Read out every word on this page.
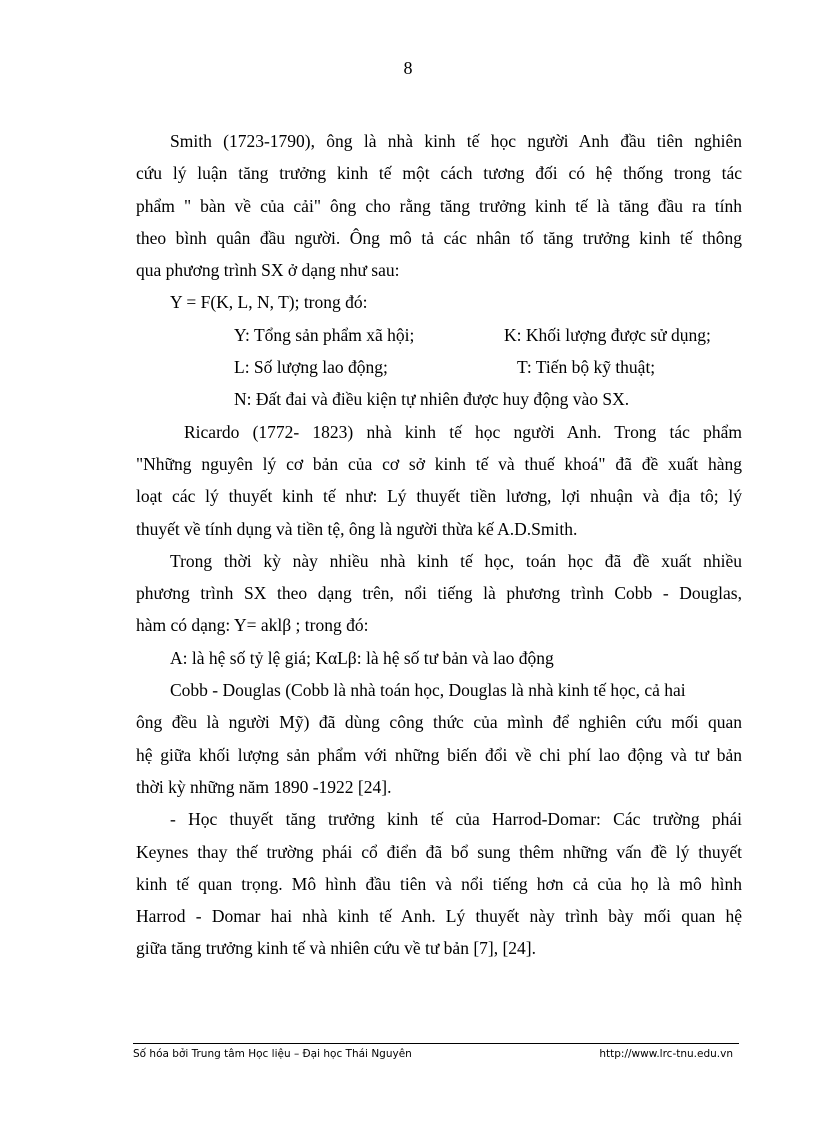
8
Smith (1723-1790), ông là nhà kinh tế học người Anh đầu tiên nghiên
cứu lý luận tăng trưởng kinh tế một cách tương đối có hệ thống trong tác
phẩm " bàn về của cải" ông cho rằng tăng trưởng kinh tế là tăng đầu ra tính
theo bình quân đầu người. Ông mô tả các nhân tố tăng trưởng kinh tế thông
qua phương trình SX ở dạng như sau:
Y = F(K, L, N, T); trong đó:
Y: Tổng sản phẩm xã hội;	K: Khối lượng được sử dụng;
L: Số lượng lao động;	T: Tiến bộ kỹ thuật;
N: Đất đai và điều kiện tự nhiên được huy động vào SX.
Ricardo (1772- 1823) nhà kinh tế học người Anh. Trong tác phẩm
"Những nguyên lý cơ bản của cơ sở kinh tế và thuế khoá" đã đề xuất hàng
loạt các lý thuyết kinh tế như: Lý thuyết tiền lương, lợi nhuận và địa tô; lý
thuyết về tính dụng và tiền tệ, ông là người thừa kế A.D.Smith.
Trong thời kỳ này nhiều nhà kinh tế học, toán học đã đề xuất nhiều
phương trình SX theo dạng trên, nổi tiếng là phương trình Cobb - Douglas,
hàm có dạng: Y= aklβ ; trong đó:
A: là hệ số tỷ lệ giá; KαLβ: là hệ số tư bản và lao động
Cobb - Douglas (Cobb là nhà toán học, Douglas là nhà kinh tế học, cả hai
ông đều là người Mỹ) đã dùng công thức của mình để nghiên cứu mối quan
hệ giữa khối lượng sản phẩm với những biến đổi về chi phí lao động và tư bản
thời kỳ những năm 1890 -1922 [24].
- Học thuyết tăng trưởng kinh tế của Harrod-Domar: Các trường phái
Keynes thay thế trường phái cổ điển đã bổ sung thêm những vấn đề lý thuyết
kinh tế quan trọng. Mô hình đầu tiên và nổi tiếng hơn cả của họ là mô hình
Harrod - Domar hai nhà kinh tế Anh. Lý thuyết này trình bày mối quan hệ
giữa tăng trưởng kinh tế và nhiên cứu về tư bản [7], [24].
Số hóa bởi Trung tâm Học liệu – Đại học Thái Nguyên	http://www.lrc-tnu.edu.vn
